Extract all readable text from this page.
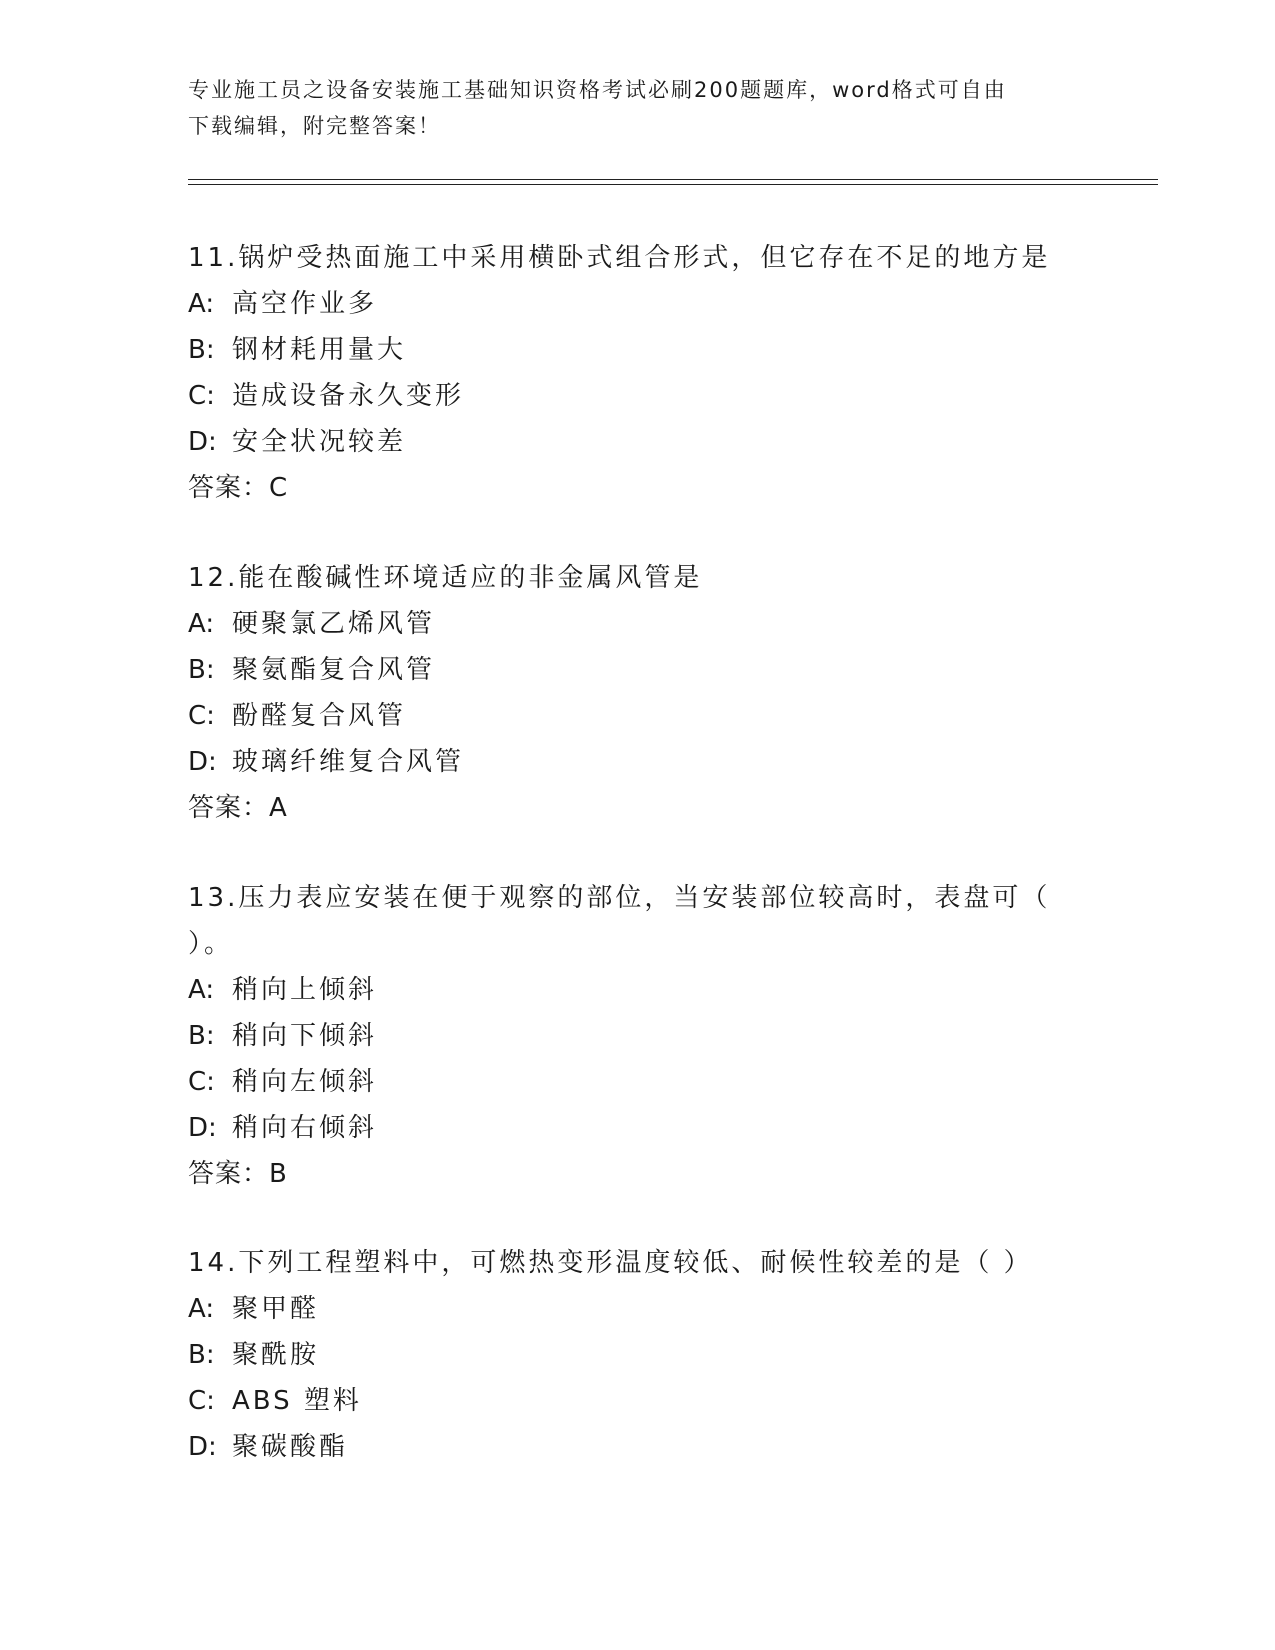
专业施工员之设备安装施工基础知识资格考试必刷200题题库，word格式可自由
下载编辑，附完整答案！
11.锅炉受热面施工中采用横卧式组合形式，但它存在不足的地方是
A: 高空作业多
B: 钢材耗用量大
C: 造成设备永久变形
D: 安全状况较差
答案：C
12.能在酸碱性环境适应的非金属风管是
A: 硬聚氯乙烯风管
B: 聚氨酯复合风管
C: 酚醛复合风管
D: 玻璃纤维复合风管
答案：A
13.压力表应安装在便于观察的部位，当安装部位较高时，表盘可（
）。
A: 稍向上倾斜
B: 稍向下倾斜
C: 稍向左倾斜
D: 稍向右倾斜
答案：B
14.下列工程塑料中，可燃热变形温度较低、耐候性较差的是（ ）
A: 聚甲醛
B: 聚酰胺
C: ABS 塑料
D: 聚碳酸酯
